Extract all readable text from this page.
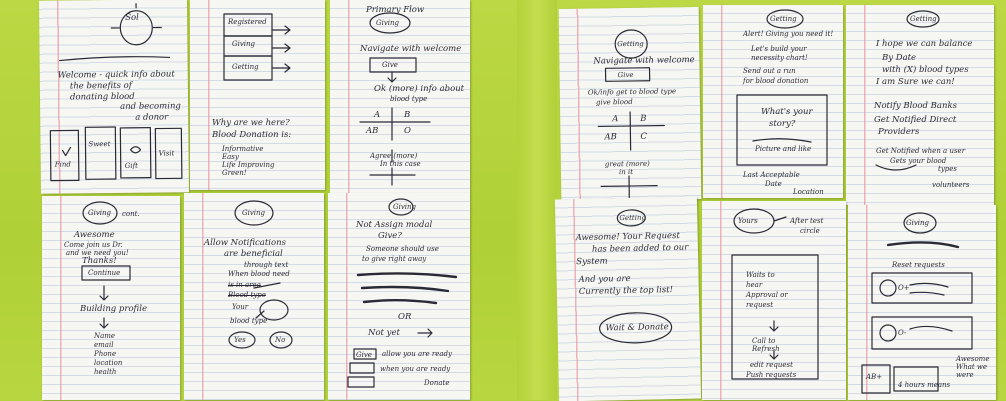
Sol
Welcome - quick info about
the benefits of
donating blood
and becoming
a donor
Find
Sweet
Gift
Visit
Registered
Giving
Getting
Why are we here?
Blood Donation is:
Informative
Easy
Life Improving
Green!
Primary Flow
Giving
Navigate with welcome
Give
Ok (more) info about
blood type
A	B
AB	O
Agree (more)
In this case
Giving cont.
Awesome
Come join us Dr.
and we need you!
Thanks!
Continue
Building profile
Name
email
Phone
location
health
Giving
Allow Notifications
are beneficial
through text
When blood need
is in area
Blood type
Your
blood type
Yes	No
Giving
Not Assign modal
Give?
Someone should use
to give right away
OR
Not yet
allow you are ready
when you are ready
Give
Donate
Getting
Navigate with welcome
Give
Ok/info get to blood type
give blood
A	B
AB	C
great (more)
in it
Getting
Alert! Giving you need it!
Let's build your
necessity chart!
Send out a run
for blood donation
What's your
story?
Picture and like
Last Acceptable
Date
Location
Getting
I hope we can balance
By Date
with (X) blood types
I am Sure we can!
Notify Blood Banks
Get Notified Direct
Providers
Get Notified when a user
Gets your blood
types
volunteers
Getting
Awesome! Your Request
has been added to our
System
And you are
Currently the top list!
Wait & Donate
Yours	After test
circle
Waits to
hear
Approval or
request
Call to
Refresh
edit request
Push requests
Giving
Reset requests
O+
O-
Awesome
What we
were
AB+
4 hours means
